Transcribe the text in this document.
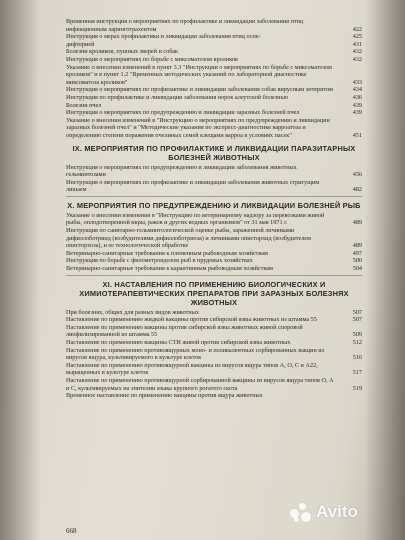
Временная инструкция о мероприятиях по профилактике и ликвидации заболевания птиц инфекционным ларинготрахеитом	422

Инструкция о мерах профилактики и ликвидации заболевания птиц оспе-	425

дифтерией	431

Болезни кроликов, пушных зверей и собак	432

Инструкция о мероприятиях по борьбе с миксоматозом кроликов	432

Указание о внесении изменений в пункт 3.3 "Инструкции о мероприятиях по борьбе с миксоматозом кроликов" и в пункт 1.2 "Временных методических указаний по лабораторной диагностике миксоматоза кроликов"	433

Инструкция о мероприятиях по профилактике и ликвидации заболевания собак вирусным энтеритом	434

Инструкция по профилактике и ликвидации заболевания норок алеутской болезнью	436

Болезни пчел	439

Инструкция о мероприятиях по предупреждению и ликвидации заразных болезней пчел	439

Указание о внесении изменений в "Инструкцию о мероприятиях по предупреждению и ликвидации заразных болезней пчел" и "Методические указания по экспресс-диагностике варроатоза и определению степени поражения пчелиных семей клещами варроа в условиях пасек"	451

IX. МЕРОПРИЯТИЯ ПО ПРОФИЛАКТИКЕ И ЛИКВИДАЦИИ ПАРАЗИТАРНЫХ БОЛЕЗНЕЙ ЖИВОТНЫХ

Инструкция о мероприятиях по предупреждению и ликвидации заболевания животных гельминтозами	456

Инструкция о мероприятиях по профилактике и ликвидации заболевания животных стригущим лишаем	482

X. МЕРОПРИЯТИЯ ПО ПРЕДУПРЕЖДЕНИЮ И ЛИКВИДАЦИИ БОЛЕЗНЕЙ РЫБ

Указание о внесении изменения в "Инструкцию по ветеринарному надзору за перевозками живой рыбы, оплодотворенной икры, раков и других водных организмов" от 31 мая 1971 г.	489

Инструкция по санитарно-гельминтологической оценке рыбы, зараженной личинками дифиллоботриид (возбудителями дифиллоботриоза) и личинками описторхид (возбудителем описторхоза), и ее технологической обработке	489

Ветеринарно-санитарные требования к племенным рыбоводным хозяйствам	497

Инструкция по борьбе с филометроидозом рыб в прудовых хозяйствах	500

Ветеринарно-санитарные требования к карантинным рыбоводным хозяйствам	504

XI. НАСТАВЛЕНИЯ ПО ПРИМЕНЕНИЮ БИОЛОГИЧЕСКИХ И ХИМИОТЕРАПЕВТИЧЕСКИХ ПРЕПАРАТОВ ПРИ ЗАРАЗНЫХ БОЛЕЗНЯХ ЖИВОТНЫХ

При болезнях, общих для разных видов животных	507

Наставление по применению жидкой вакцины против сибирской язвы животных из штамма 55	507

Наставление по применению вакцины против сибирской язвы животных живой споровой лиофилизированной из штамма 55	509

Наставление по применению вакцины СТИ живой против сибирской язвы животных	512

Наставление по применению противоящурных моно- и поливалентных сорбированных вакцин из вирусов ящура, культивируемого в культуре клеток	516

Наставление по применению противоящурной вакцины из вирусов ящура типов А, О, С и А22, выращенных в культуре клеток	517

Наставление по применению противоящурной сорбированной вакцины из вирусов ящура типов О, А и С, культивируемых на эпителии языка крупного рогатого скота	519

Временное наставление по применению вакцины против ящура животных

668
Avito
